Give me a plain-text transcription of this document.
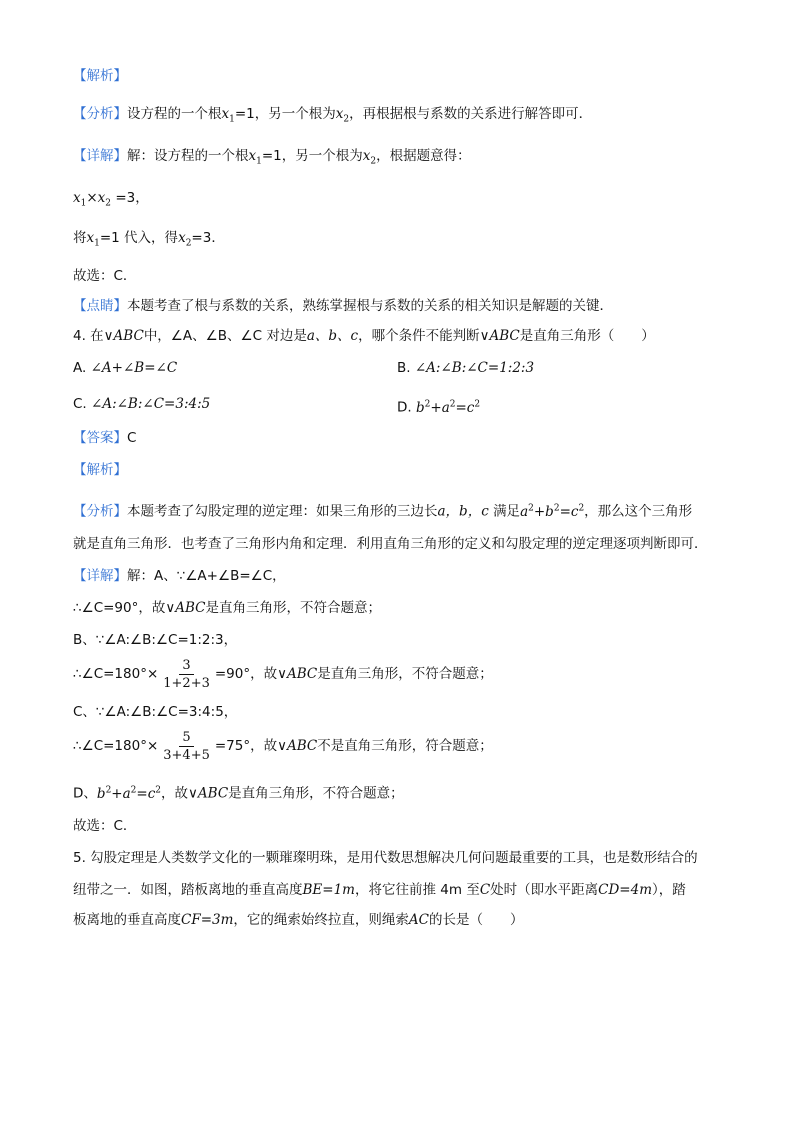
【解析】
【分析】设方程的一个根$x_1=1$，另一个根为$x_2$，再根据根与系数的关系进行解答即可．
【详解】解：设方程的一个根$x_1=1$，另一个根为$x_2$，根据题意得：
$x_1\times x_2 =3$，
将$x_1=1$ 代入，得$x_2=3$．
故选：C．
【点睛】本题考查了根与系数的关系，熟练掌握根与系数的关系的相关知识是解题的关键．
4. 在∨ABC中，∠A、∠B、∠C 对边是a、b、c，哪个条件不能判断∨ABC是直角三角形（　　）
A. ∠A+∠B=∠C	B. ∠A:∠B:∠C=1:2:3
C. ∠A:∠B:∠C=3:4:5	D. $b^2+a^2=c^2$
【答案】C
【解析】
【分析】本题考查了勾股定理的逆定理：如果三角形的三边长a，b，c 满足$a^2+b^2=c^2$，那么这个三角形
就是直角三角形．也考查了三角形内角和定理．利用直角三角形的定义和勾股定理的逆定理逐项判断即可．
【详解】解：A、∵∠A+∠B=∠C，
∴∠C=90°，故∨ABC是直角三角形，不符合题意；
B、∵∠A:∠B:∠C=1:2:3，
∴∠C=180°× $\frac{3}{1+2+3} =90^\circ$，故∨ABC是直角三角形，不符合题意；
C、∵∠A:∠B:∠C=3:4:5，
∴∠C=180°× $\frac{5}{3+4+5} =75^\circ$，故∨ABC不是直角三角形，符合题意；
D、$b^2+a^2=c^2$，故∨ABC是直角三角形，不符合题意；
故选：C．
5. 勾股定理是人类数学文化的一颗璀璨明珠，是用代数思想解决几何问题最重要的工具，也是数形结合的
纽带之一．如图，踏板离地的垂直高度BE=1m，将它往前推 4m 至C处时（即水平距离CD=4m），踏
板离地的垂直高度CF=3m，它的绳索始终拉直，则绳索AC的长是（　　）
